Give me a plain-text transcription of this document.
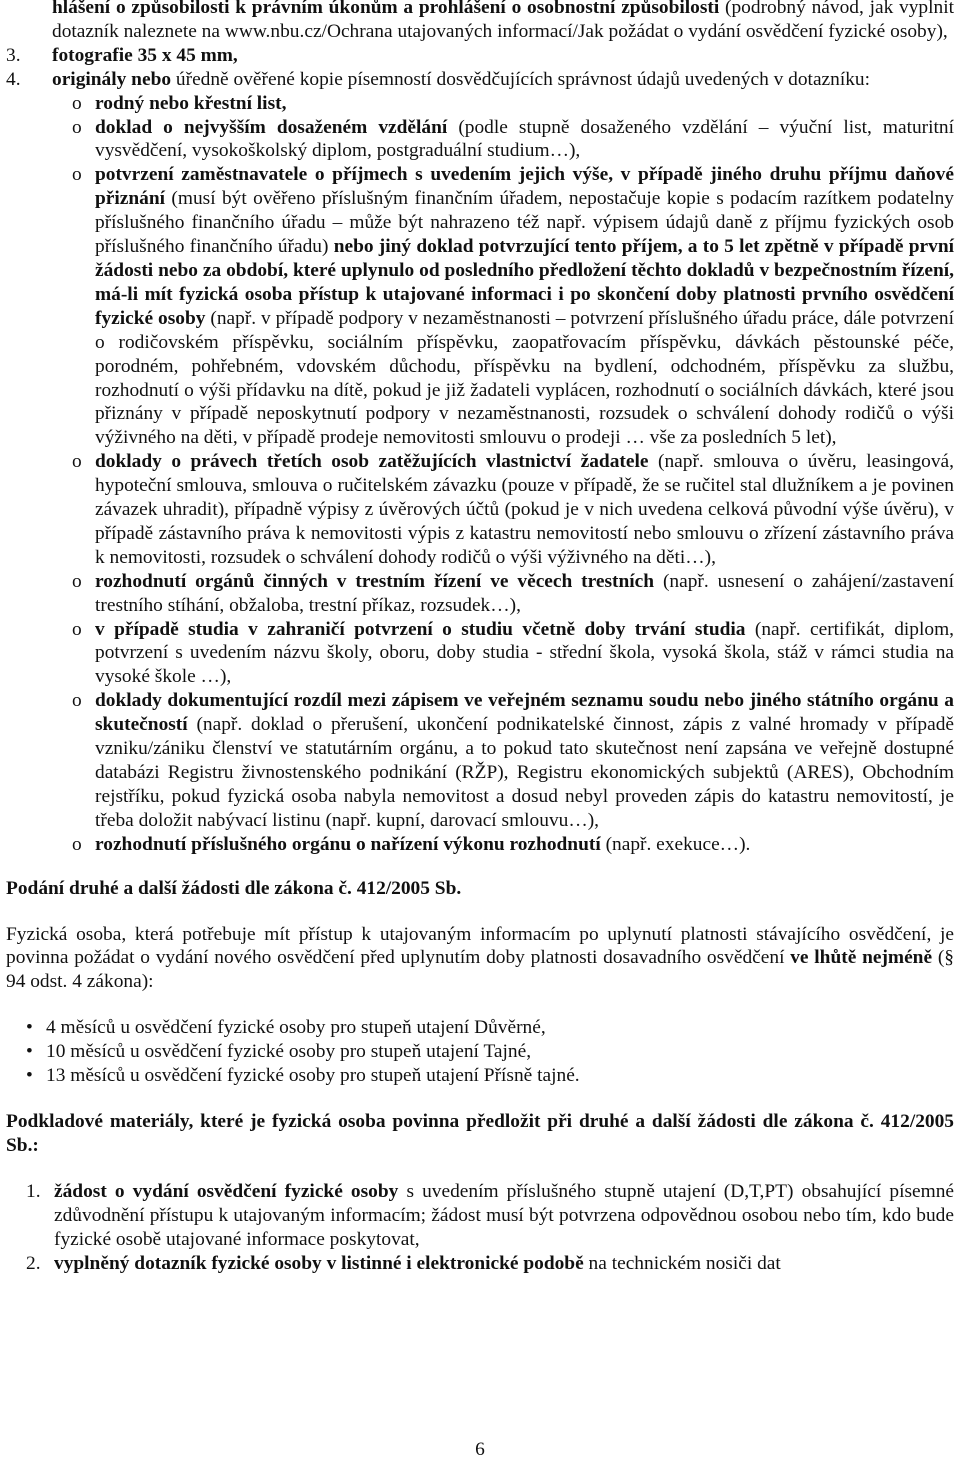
hlášení o způsobilosti k právním úkonům a prohlášení o osobnostní způsobilosti (podrobný návod, jak vyplnit dotazník naleznete na www.nbu.cz/Ochrana utajovaných informací/Jak požádat o vydání osvědčení fyzické osoby),

3. fotografie 35 x 45 mm,
4. originály nebo úředně ověřené kopie písemností dosvědčujících správnost údajů uvedených v dotazníku:
o rodný nebo křestní list,
o doklad o nejvyšším dosaženém vzdělání (podle stupně dosaženého vzdělání – výuční list, maturitní vysvědčení, vysokoškolský diplom, postgraduální studium…),
o potvrzení zaměstnavatele o příjmech s uvedením jejich výše, v případě jiného druhu příjmu daňové přiznání (musí být ověřeno příslušným finančním úřadem, nepostačuje kopie s podacím razítkem podatelny příslušného finančního úřadu – může být nahrazeno též např. výpisem údajů daně z příjmu fyzických osob příslušného finančního úřadu) nebo jiný doklad potvrzující tento příjem, a to 5 let zpětně v případě první žádosti nebo za období, které uplynulo od posledního předložení těchto dokladů v bezpečnostním řízení, má-li mít fyzická osoba přístup k utajované informaci i po skončení doby platnosti prvního osvědčení fyzické osoby (např. v případě podpory v nezaměstnanosti – potvrzení příslušného úřadu práce, dále potvrzení o rodičovském příspěvku, sociálním příspěvku, zaopatřovacím příspěvku, dávkách pěstounské péče, porodném, pohřebném, vdovském důchodu, příspěvku na bydlení, odchodném, příspěvku za službu, rozhodnutí o výši přídavku na dítě, pokud je již žadateli vyplácen, rozhodnutí o sociálních dávkách, které jsou přiznány v případě neposkytnutí podpory v nezaměstnanosti, rozsudek o schválení dohody rodičů o výši výživného na děti, v případě prodeje nemovitosti smlouvu o prodeji … vše za posledních 5 let),
o doklady o právech třetích osob zatěžujících vlastnictví žadatele (např. smlouva o úvěru, leasingová, hypoteční smlouva, smlouva o ručitelském závazku (pouze v případě, že se ručitel stal dlužníkem a je povinen závazek uhradit), případně výpisy z úvěrových účtů (pokud je v nich uvedena celková původní výše úvěru), v případě zástavního práva k nemovitosti výpis z katastru nemovitostí nebo smlouvu o zřízení zástavního práva k nemovitosti, rozsudek o schválení dohody rodičů o výši výživného na děti…),
o rozhodnutí orgánů činných v trestním řízení ve věcech trestních (např. usnesení o zahájení/zastavení trestního stíhání, obžaloba, trestní příkaz, rozsudek…),
o v případě studia v zahraničí potvrzení o studiu včetně doby trvání studia (např. certifikát, diplom, potvrzení s uvedením názvu školy, oboru, doby studia - střední škola, vysoká škola, stáž v rámci studia na vysoké škole …),
o doklady dokumentující rozdíl mezi zápisem ve veřejném seznamu soudu nebo jiného státního orgánu a skutečností (např. doklad o přerušení, ukončení podnikatelské činnost, zápis z valné hromady v případě vzniku/zániku členství ve statutárním orgánu, a to pokud tato skutečnost není zapsána ve veřejně dostupné databázi Registru živnostenského podnikání (RŽP), Registru ekonomických subjektů (ARES), Obchodním rejstříku, pokud fyzická osoba nabyla nemovitost a dosud nebyl proveden zápis do katastru nemovitostí, je třeba doložit nabývací listinu (např. kupní, darovací smlouvu…),
o rozhodnutí příslušného orgánu o nařízení výkonu rozhodnutí (např. exekuce…).

Podání druhé a další žádosti dle zákona č. 412/2005 Sb.

Fyzická osoba, která potřebuje mít přístup k utajovaným informacím po uplynutí platnosti stávajícího osvědčení, je povinna požádat o vydání nového osvědčení před uplynutím doby platnosti dosavadního osvědčení ve lhůtě nejméně (§ 94 odst. 4 zákona):

• 4 měsíců u osvědčení fyzické osoby pro stupeň utajení Důvěrné,
• 10 měsíců u osvědčení fyzické osoby pro stupeň utajení Tajné,
• 13 měsíců u osvědčení fyzické osoby pro stupeň utajení Přísně tajné.

Podkladové materiály, které je fyzická osoba povinna předložit při druhé a další žádosti dle zákona č. 412/2005 Sb.:

1. žádost o vydání osvědčení fyzické osoby s uvedením příslušného stupně utajení (D,T,PT) obsahující písemné zdůvodnění přístupu k utajovaným informacím; žádost musí být potvrzena odpovědnou osobou nebo tím, kdo bude fyzické osobě utajované informace poskytovat,
2. vyplněný dotazník fyzické osoby v listinné i elektronické podobě na technickém nosiči dat
6
